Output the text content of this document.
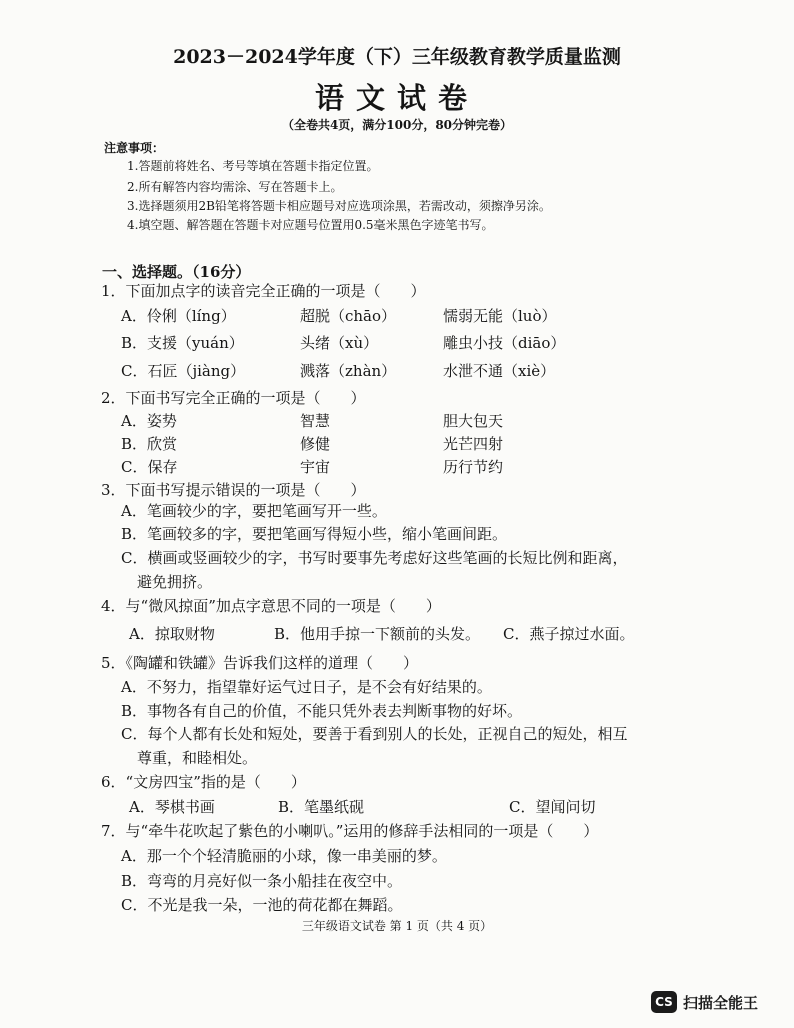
2023－2024学年度（下）三年级教育教学质量监测
语文试卷
（全卷共4页，满分100分，80分钟完卷）
注意事项：
1.答题前将姓名、考号等填在答题卡指定位置。
2.所有解答内容均需涂、写在答题卡上。
3.选择题须用2B铅笔将答题卡相应题号对应选项涂黑，若需改动，须擦净另涂。
4.填空题、解答题在答题卡对应题号位置用0.5毫米黑色字迹笔书写。
一、选择题。（16分）
1．下面加点字的读音完全正确的一项是（　　）
A．伶俐（líng）	超脱（chāo）	懦弱无能（luò）
B．支援（yuán）	头绪（xù）	雕虫小技（diāo）
C．石匠（jiàng）	溅落（zhàn）	水泄不通（xiè）
2．下面书写完全正确的一项是（　　）
A．姿势	智慧	胆大包天
B．欣赏	修健	光芒四射
C．保存	宇宙	历行节约
3．下面书写提示错误的一项是（　　）
A．笔画较少的字，要把笔画写开一些。
B．笔画较多的字，要把笔画写得短小些，缩小笔画间距。
C．横画或竖画较少的字，书写时要事先考虑好这些笔画的长短比例和距离，
避免拥挤。
4．与“微风掠面”加点字意思不同的一项是（　　）
A．掠取财物	B．他用手掠一下额前的头发。 C．燕子掠过水面。
5．《陶罐和铁罐》告诉我们这样的道理（　　）
A．不努力，指望靠好运气过日子，是不会有好结果的。
B．事物各有自己的价值，不能只凭外表去判断事物的好坏。
C．每个人都有长处和短处，要善于看到别人的长处，正视自己的短处，相互
尊重，和睦相处。
6．“文房四宝”指的是（　　）
A．琴棋书画	B．笔墨纸砚	C．望闻问切
7．与“牵牛花吹起了紫色的小喇叭。”运用的修辞手法相同的一项是（　　）
A．那一个个轻清脆丽的小球，像一串美丽的梦。
B．弯弯的月亮好似一条小船挂在夜空中。
C．不光是我一朵，一池的荷花都在舞蹈。
三年级语文试卷 第 1 页（共 4 页）
CS 扫描全能王
